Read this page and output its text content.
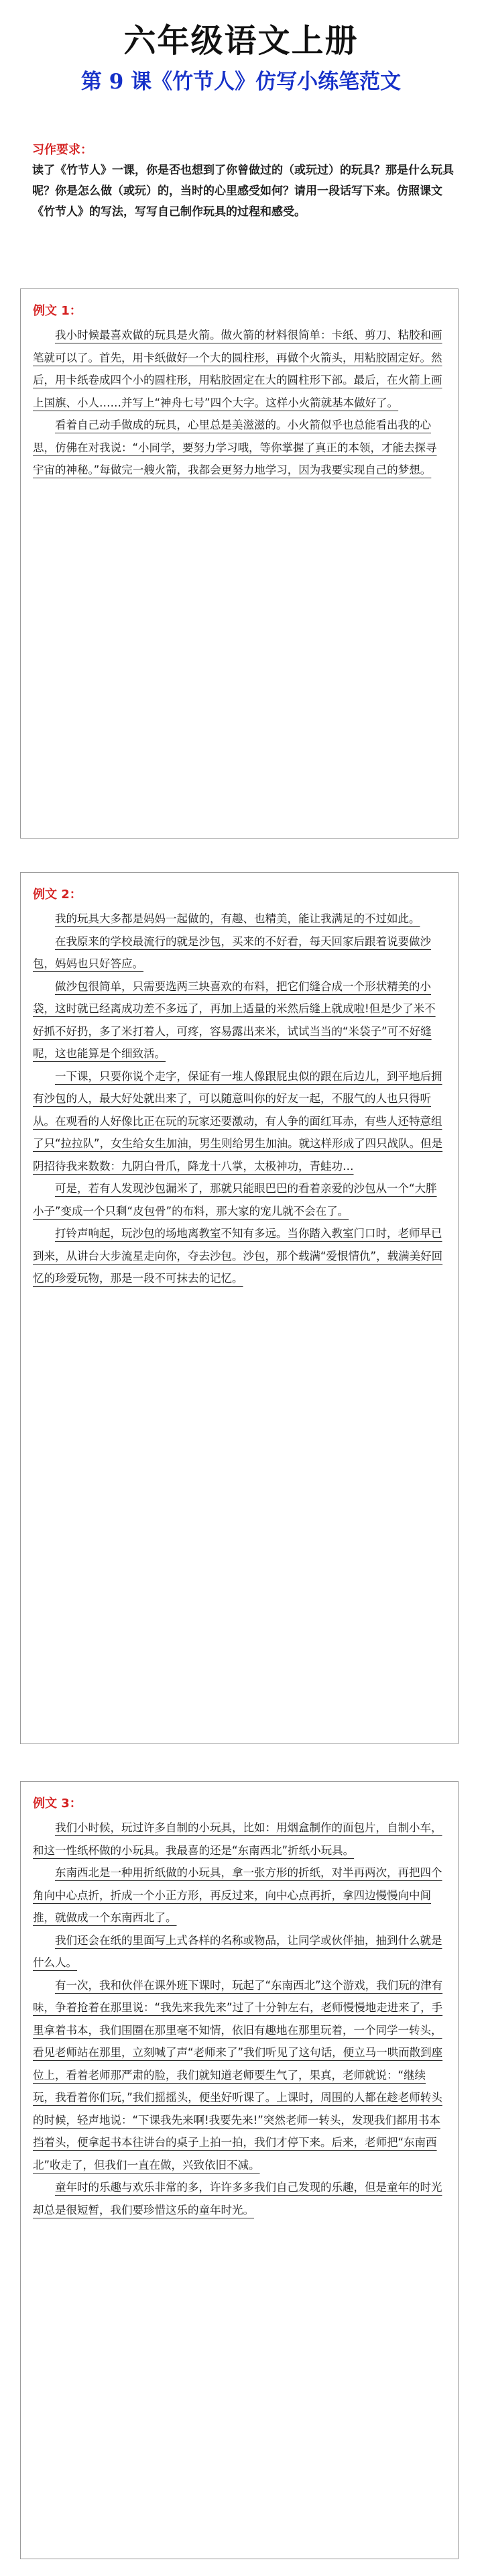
六年级语文上册
第 9 课《竹节人》仿写小练笔范文
习作要求：
读了《竹节人》一课，你是否也想到了你曾做过的（或玩过）的玩具？那是什么玩具呢？你是怎么做（或玩）的，当时的心里感受如何？请用一段话写下来。仿照课文《竹节人》的写法，写写自己制作玩具的过程和感受。
例文 1：

我小时候最喜欢做的玩具是火箭。做火箭的材料很简单：卡纸、剪刀、粘胶和画笔就可以了。首先，用卡纸做好一个大的圆柱形，再做个火箭头，用粘胶固定好。然后，用卡纸卷成四个小的圆柱形，用粘胶固定在大的圆柱形下部。最后，在火箭上画上国旗、小人……并写上“神舟七号”四个大字。这样小火箭就基本做好了。

看着自己动手做成的玩具，心里总是美滋滋的。小火箭似乎也总能看出我的心思，仿佛在对我说：“小同学，要努力学习哦，等你掌握了真正的本领，才能去探寻宇宙的神秘。”每做完一艘火箭，我都会更努力地学习，因为我要实现自己的梦想。

例文 2：

我的玩具大多都是妈妈一起做的，有趣、也精美，能让我满足的不过如此。

在我原来的学校最流行的就是沙包，买来的不好看，每天回家后跟着说要做沙包，妈妈也只好答应。

做沙包很简单，只需要选两三块喜欢的布料，把它们缝合成一个形状精美的小袋，这时就已经离成功差不多远了，再加上适量的米然后缝上就成啦!但是少了米不好抓不好扔，多了米打着人，可疼，容易露出来米，试试当当的“米袋子”可不好缝呢，这也能算是个细致活。

一下课，只要你说个走字，保证有一堆人像跟屁虫似的跟在后边儿，到平地后拥有沙包的人，最大好处就出来了，可以随意叫你的好友一起，不服气的人也只得听从。在观看的人好像比正在玩的玩家还要激动，有人争的面红耳赤，有些人还特意组了只“拉拉队”，女生给女生加油，男生则给男生加油。就这样形成了四只战队。但是阴招待我来数数：九阴白骨爪，降龙十八掌，太极神功，青蛙功…

可是，若有人发现沙包漏米了，那就只能眼巴巴的看着亲爱的沙包从一个“大胖小子”变成一个只剩“皮包骨”的布料，那大家的宠儿就不会在了。

打铃声响起，玩沙包的场地离教室不知有多远。当你踏入教室门口时，老师早已到来，从讲台大步流星走向你，夺去沙包。沙包，那个载满“爱恨情仇”，载满美好回忆的珍爱玩物，那是一段不可抹去的记忆。

例文 3：

我们小时候，玩过许多自制的小玩具，比如：用烟盒制作的面包片，自制小车，和这一性纸杯做的小玩具。我最喜的还是“东南西北”折纸小玩具。

东南西北是一种用折纸做的小玩具，拿一张方形的折纸，对半再两次，再把四个角向中心点折，折成一个小正方形，再反过来，向中心点再折，拿四边慢慢向中间推，就做成一个东南西北了。

我们还会在纸的里面写上式各样的名称或物品，让同学或伙伴抽，抽到什么就是什么人。

有一次，我和伙伴在课外班下课时，玩起了“东南西北”这个游戏，我们玩的津有味，争着抢着在那里说：“我先来我先来”过了十分钟左右，老师慢慢地走进来了，手里拿着书本，我们围圈在那里毫不知情，依旧有趣地在那里玩着，一个同学一转头，看见老师站在那里，立刻喊了声“老师来了”我们听见了这句话，便立马一哄而散到座位上，看着老师那严肃的脸，我们就知道老师要生气了，果真，老师就说：“继续玩，我看着你们玩，”我们摇摇头，便坐好听课了。上课时，周围的人都在趁老师转头的时候，轻声地说：“下课我先来啊!我要先来!”突然老师一转头，发现我们都用书本挡着头，便拿起书本往讲台的桌子上拍一拍，我们才停下来。后来，老师把“东南西北”收走了，但我们一直在做，兴致依旧不减。

童年时的乐趣与欢乐非常的多，许许多多我们自己发现的乐趣，但是童年的时光却总是很短暂，我们要珍惜这乐的童年时光。
